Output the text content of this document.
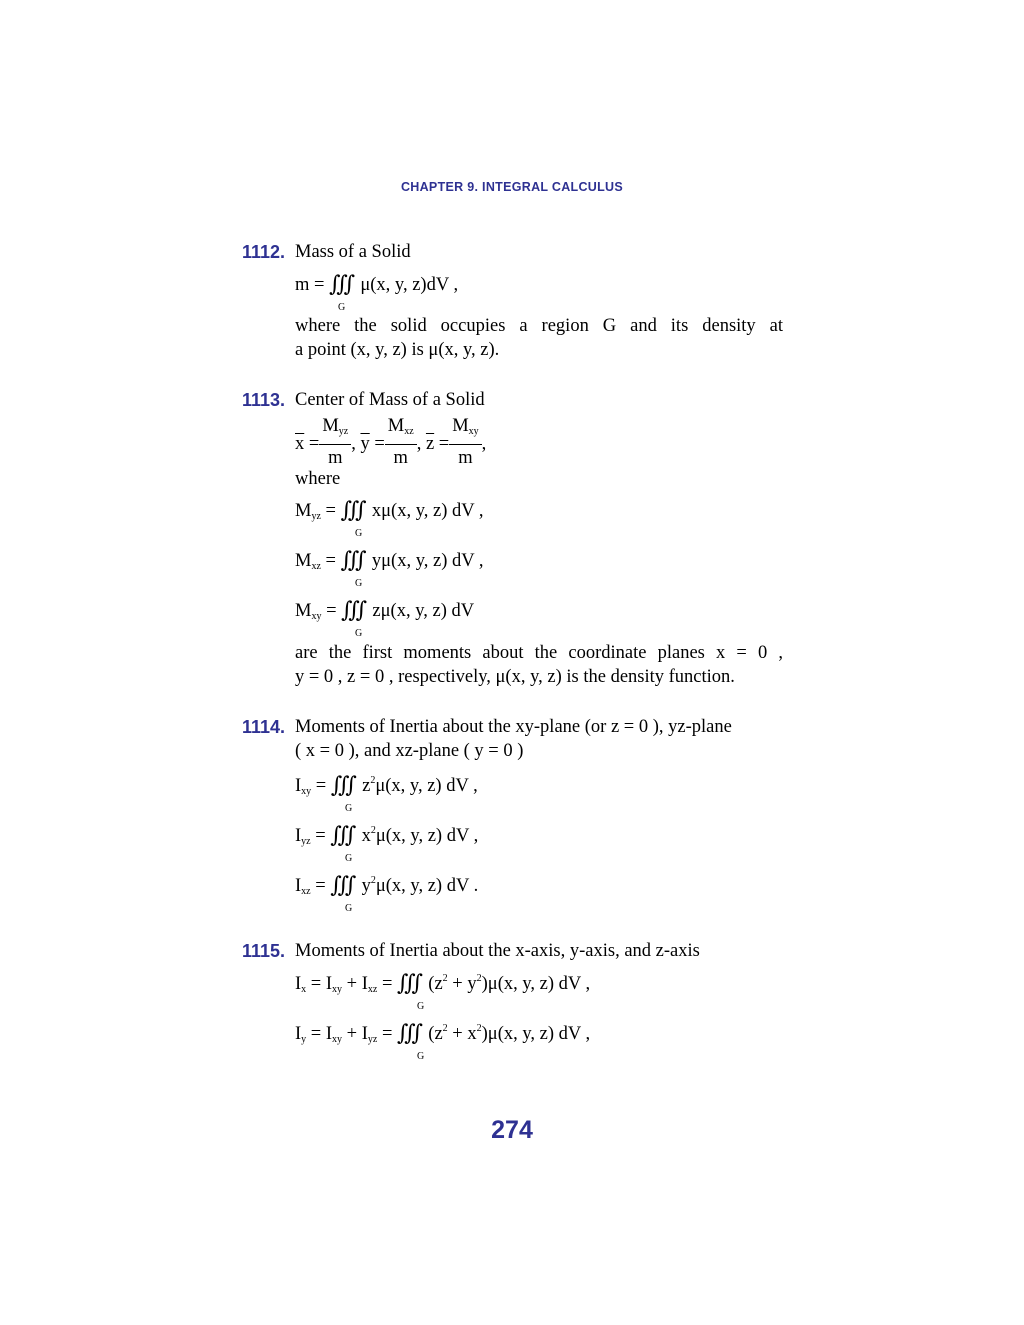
CHAPTER 9. INTEGRAL CALCULUS
1112. Mass of a Solid
m = ∭ μ(x, y, z)dV ,
G
where the solid occupies a region G and its density at
a point (x, y, z) is μ(x, y, z).
1113. Center of Mass of a Solid
$\overline{x} = \frac{M_{yz}}{m}$ , $\overline{y} = \frac{M_{xz}}{m}$ , $\overline{z} = \frac{M_{xy}}{m}$ ,
where
$M_{yz}$ = ∭ xμ(x, y, z) dV ,
G
$M_{xz}$ = ∭ yμ(x, y, z) dV ,
G
$M_{xy}$ = ∭ zμ(x, y, z) dV
G
are the first moments about the coordinate planes x = 0 ,
y = 0 , z = 0 , respectively, μ(x, y, z) is the density function.
1114. Moments of Inertia about the xy-plane (or z = 0 ), yz-plane
( x = 0 ), and xz-plane ( y = 0 )
$I_{xy}$ = ∭  $z^2\mu(x$, y, z) dV ,
G
$I_{yz}$ = ∭  $x^2\mu(x$, y, z) dV ,
G
$I_{xz}$ = ∭  $y^2\mu(x$, y, z) dV .
G
1115. Moments of Inertia about the x-axis, y-axis, and z-axis
$I_x = I_{xy} + I_{xz}$ = ∭  $(z^2 + y^2)\mu(x$, y, z) dV ,
G
$I_y = I_{xy} + I_{yz}$ = ∭  $(z^2 + x^2)\mu(x$, y, z) dV ,
G
274
